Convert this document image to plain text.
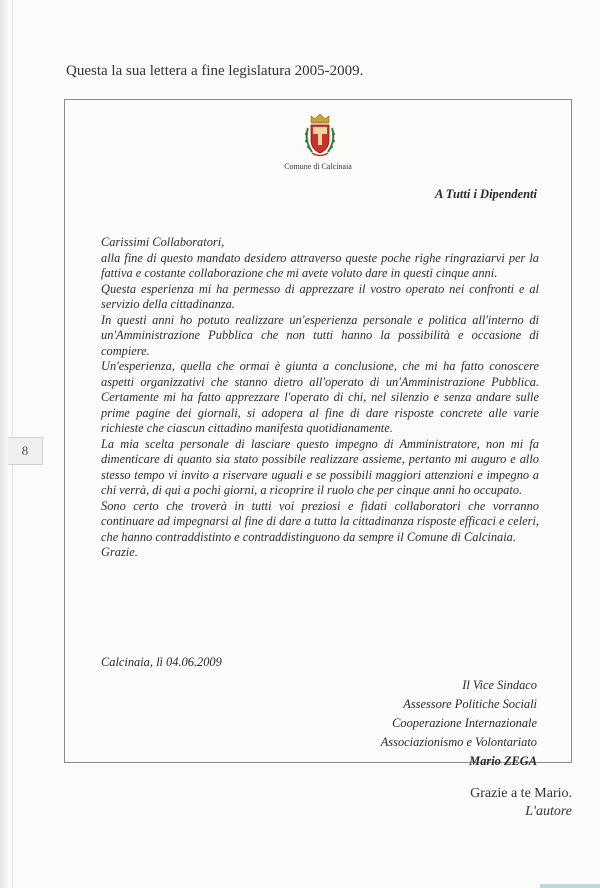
8
Questa la sua lettera a fine legislatura 2005-2009.
Comune di Calcinaia
A Tutti i Dipendenti

Carissimi Collaboratori,

alla fine di questo mandato desidero attraverso queste poche righe ringraziarvi per la fattiva e costante collaborazione che mi avete voluto dare in questi cinque anni.

Questa esperienza mi ha permesso di apprezzare il vostro operato nei confronti e al servizio della cittadinanza.

In questi anni ho potuto realizzare un'esperienza personale e politica all'interno di un'Amministrazione Pubblica che non tutti hanno la possibilità e occasione di compiere.

Un'esperienza, quella che ormai è giunta a conclusione, che mi ha fatto conoscere aspetti organizzativi che stanno dietro all'operato di un'Amministrazione Pubblica. Certamente mi ha fatto apprezzare l'operato di chi, nel silenzio e senza andare sulle prime pagine dei giornali, si adopera al fine di dare risposte concrete alle varie richieste che ciascun cittadino manifesta quotidianamente.

La mia scelta personale di lasciare questo impegno di Amministratore, non mi fa dimenticare di quanto sia stato possibile realizzare assieme, pertanto mi auguro e allo stesso tempo vi invito a riservare uguali e se possibili maggiori attenzioni e impegno a chi verrà, di qui a pochi giorni, a ricoprire il ruolo che per cinque anni ho occupato.

Sono certo che troverà in tutti voi preziosi e fidati collaboratori che vorranno continuare ad impegnarsi al fine di dare a tutta la cittadinanza risposte efficaci e celeri, che hanno contraddistinto e contraddistinguono da sempre il Comune di Calcinaia.

Grazie.

Calcinaia, lì 04.06.2009
Il Vice Sindaco
Assessore Politiche Sociali
Cooperazione Internazionale
Associazionismo e Volontariato
Mario ZEGA
Grazie a te Mario.
L'autore
